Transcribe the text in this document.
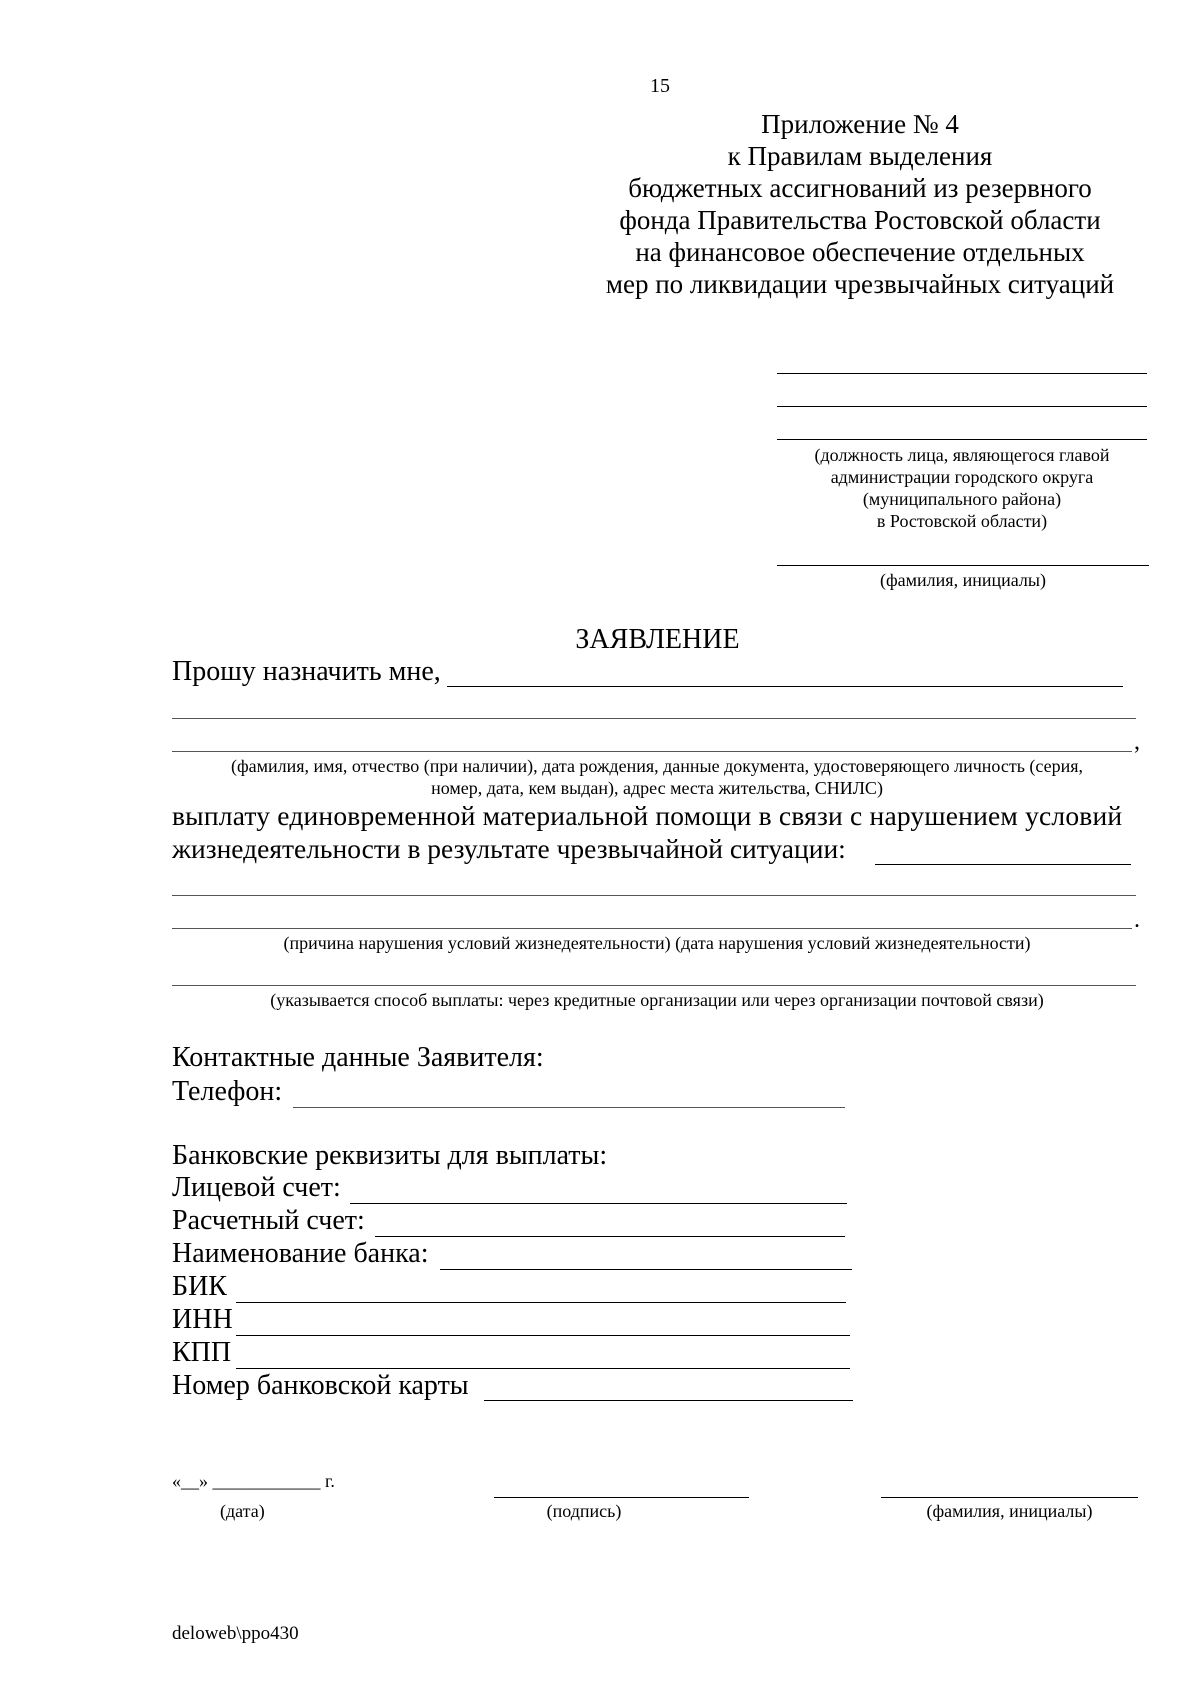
15
Приложение № 4
к Правилам выделения
бюджетных ассигнований из резервного
фонда Правительства Ростовской области
на финансовое обеспечение отдельных
мер по ликвидации чрезвычайных ситуаций
(должность лица, являющегося главой
администрации городского округа
(муниципального района)
в Ростовской области)
(фамилия, инициалы)
ЗАЯВЛЕНИЕ
Прошу назначить мне,
,
(фамилия, имя, отчество (при наличии), дата рождения, данные документа, удостоверяющего личность (серия,
номер, дата, кем выдан), адрес места жительства, СНИЛС)
выплату единовременной материальной помощи в связи с нарушением условий
жизнедеятельности в результате чрезвычайной ситуации:
.
(причина нарушения условий жизнедеятельности) (дата нарушения условий жизнедеятельности)
(указывается способ выплаты: через кредитные организации или через организации почтовой связи)
Контактные данные Заявителя:
Телефон:
Банковские реквизиты для выплаты:
Лицевой счет:
Расчетный счет:
Наименование банка:
БИК
ИНН
КПП
Номер банковской карты
«__» ____________ г.
(дата)	(подпись)	(фамилия, инициалы)
deloweb\ppo430
